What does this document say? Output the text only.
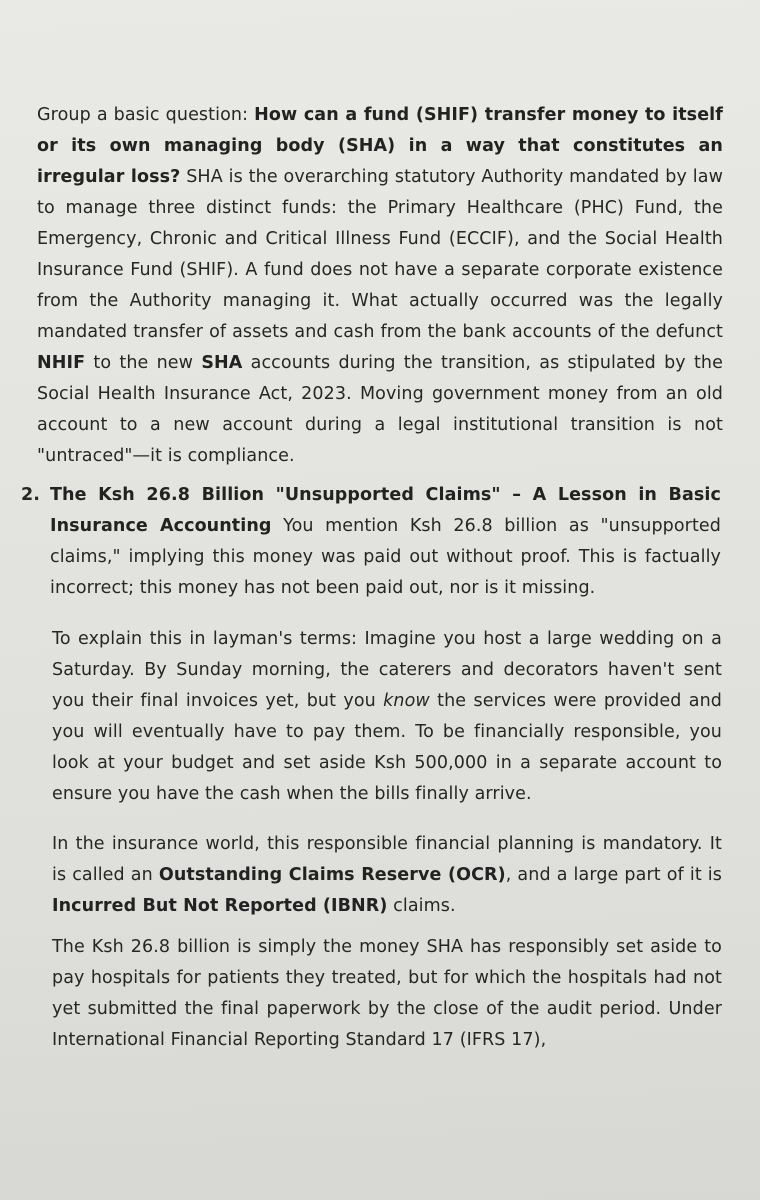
Group a basic question: How can a fund (SHIF) transfer money to itself or its own managing body (SHA) in a way that constitutes an irregular loss? SHA is the overarching statutory Authority mandated by law to manage three distinct funds: the Primary Healthcare (PHC) Fund, the Emergency, Chronic and Critical Illness Fund (ECCIF), and the Social Health Insurance Fund (SHIF). A fund does not have a separate corporate existence from the Authority managing it. What actually occurred was the legally mandated transfer of assets and cash from the bank accounts of the defunct NHIF to the new SHA accounts during the transition, as stipulated by the Social Health Insurance Act, 2023. Moving government money from an old account to a new account during a legal institutional transition is not "untraced"—it is compliance.
2. The Ksh 26.8 Billion "Unsupported Claims" – A Lesson in Basic Insurance Accounting You mention Ksh 26.8 billion as "unsupported claims," implying this money was paid out without proof. This is factually incorrect; this money has not been paid out, nor is it missing.
To explain this in layman's terms: Imagine you host a large wedding on a Saturday. By Sunday morning, the caterers and decorators haven't sent you their final invoices yet, but you know the services were provided and you will eventually have to pay them. To be financially responsible, you look at your budget and set aside Ksh 500,000 in a separate account to ensure you have the cash when the bills finally arrive.
In the insurance world, this responsible financial planning is mandatory. It is called an Outstanding Claims Reserve (OCR), and a large part of it is Incurred But Not Reported (IBNR) claims.
The Ksh 26.8 billion is simply the money SHA has responsibly set aside to pay hospitals for patients they treated, but for which the hospitals had not yet submitted the final paperwork by the close of the audit period. Under International Financial Reporting Standard 17 (IFRS 17),
